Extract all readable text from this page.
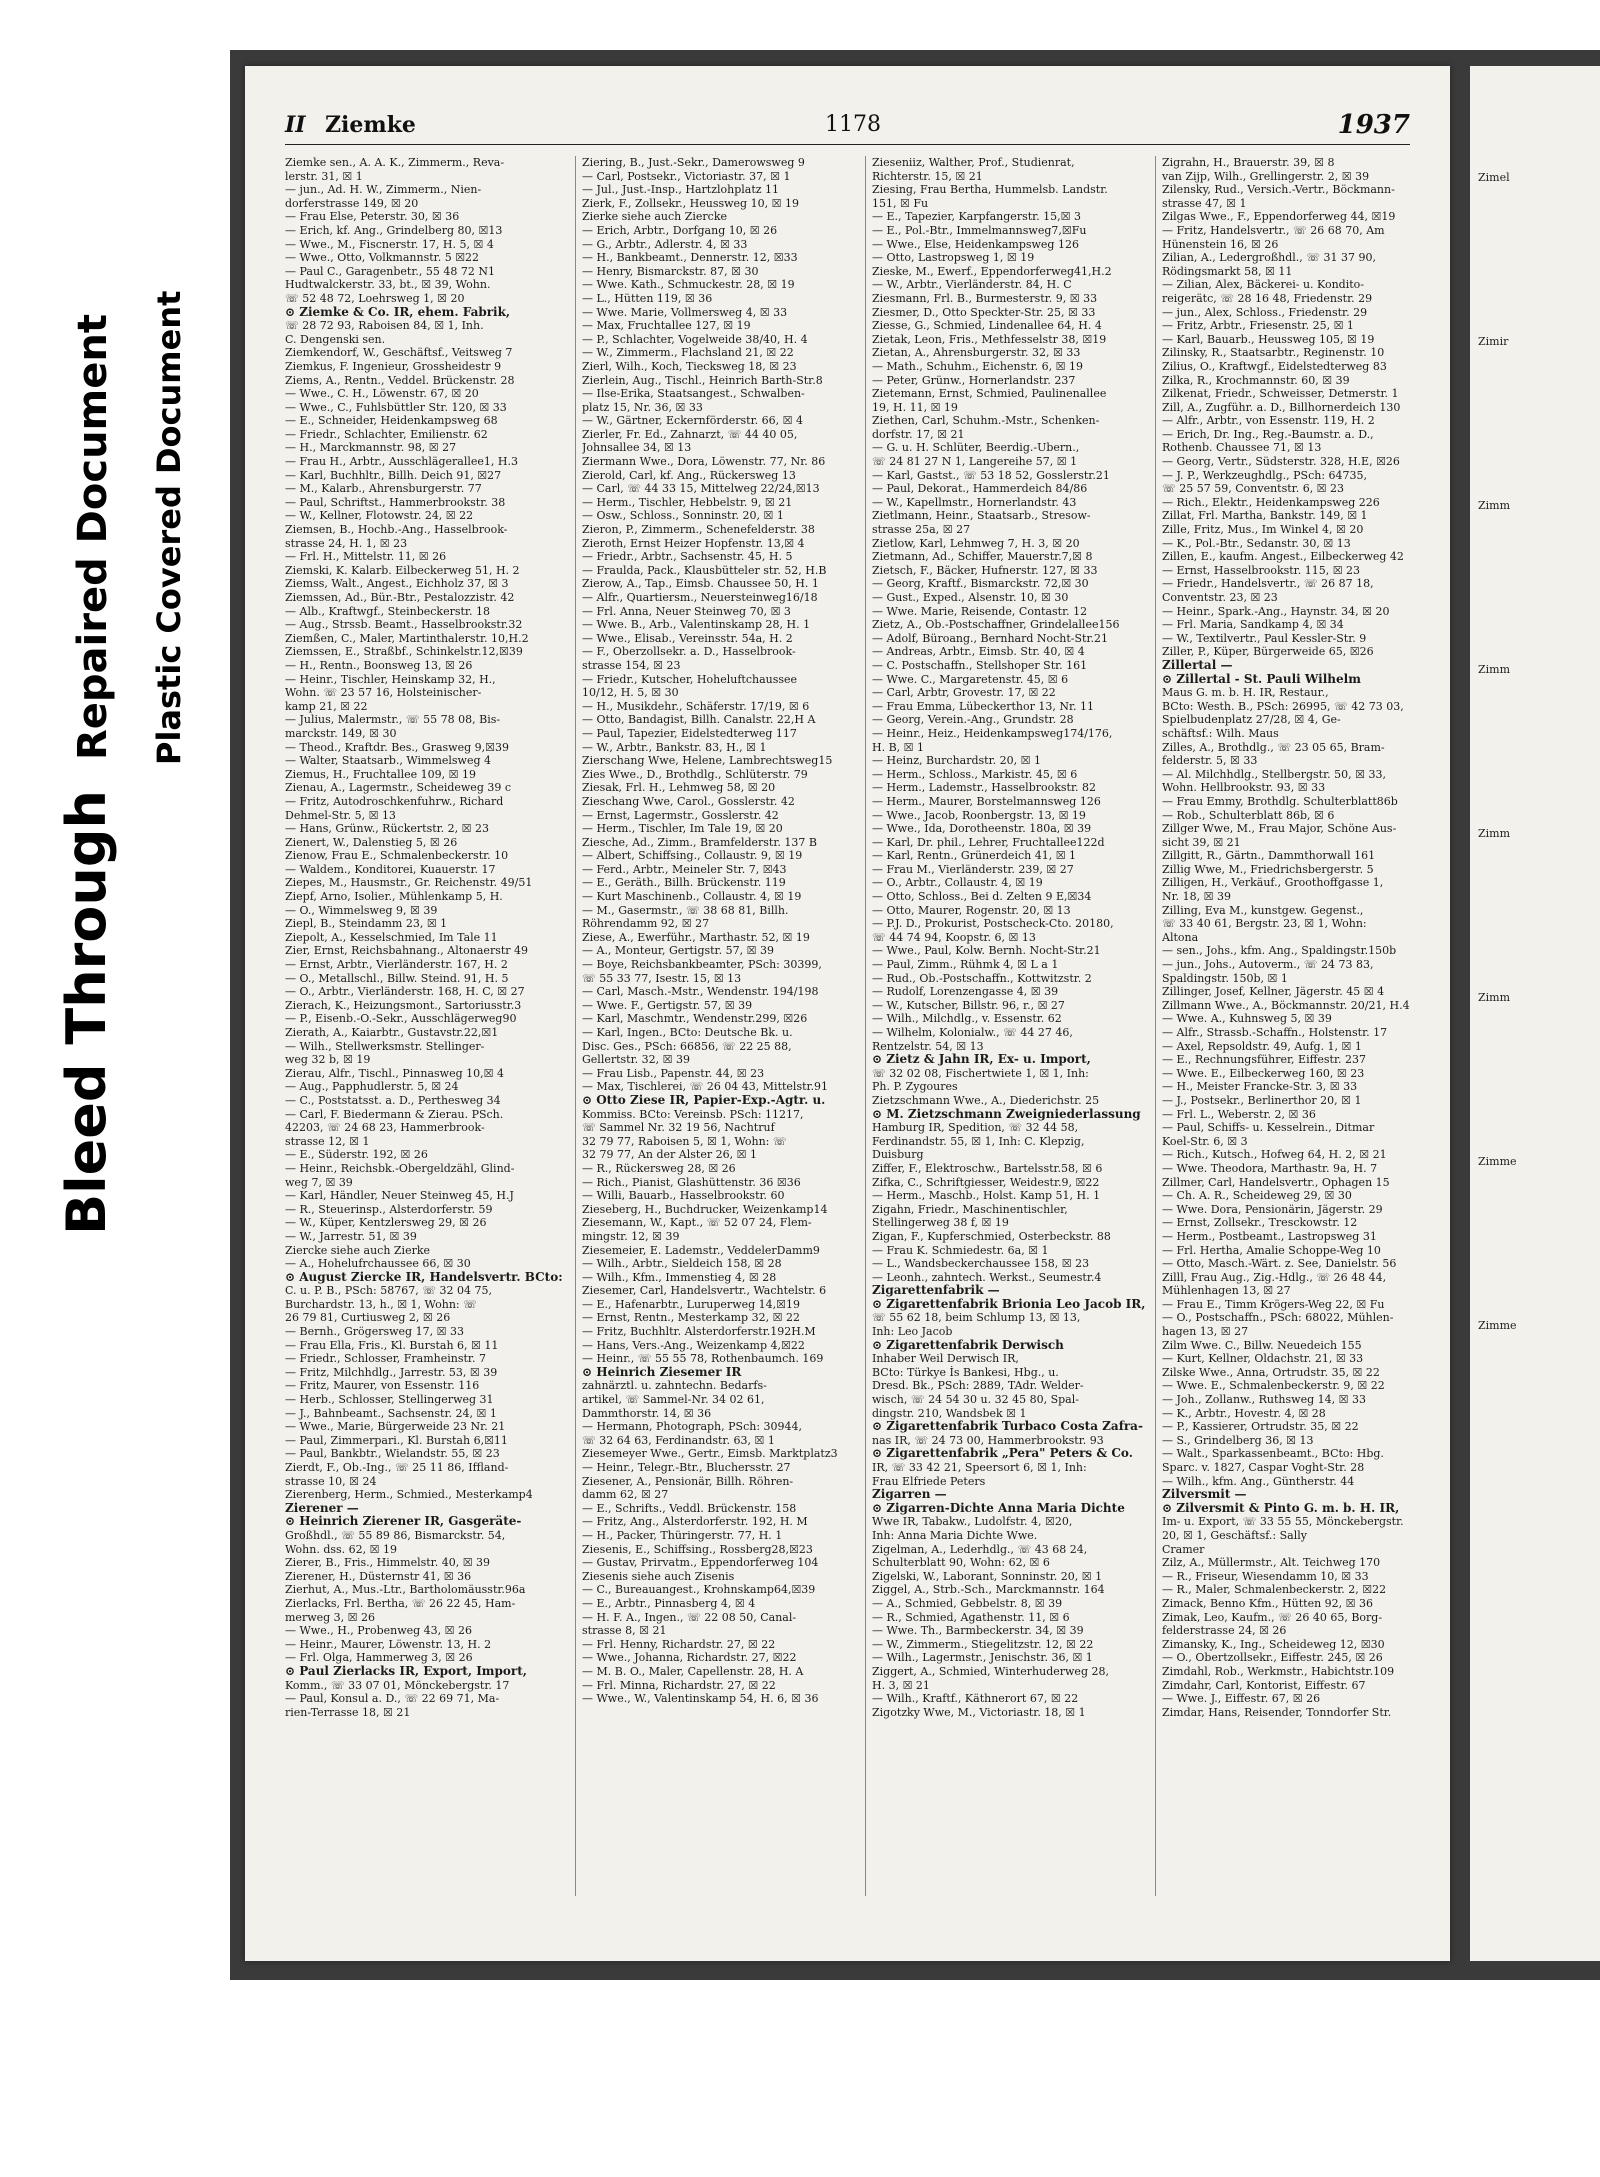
Bleed Through
Repaired Document Plastic Covered Document
II Ziemke	1178	1937
Ziemke sen., A. A. K., Zimmerm., Reva-
lerstr. 31, ☒ 1
— jun., Ad. H. W., Zimmerm., Nien-
dorferstrasse 149, ☒ 20
— Frau Else, Peterstr. 30, ☒ 36
— Erich, kf. Ang., Grindelberg 80, ☒13
— Wwe., M., Fiscnerstr. 17, H. 5, ☒ 4
— Wwe., Otto, Volkmannstr. 5 ☒22
— Paul C., Garagenbetr., 55 48 72 N1
Hudtwalckerstr. 33, bt., ☒ 39, Wohn.
☏ 52 48 72, Loehrsweg 1, ☒ 20
⊙ Ziemke & Co. IR, ehem. Fabrik,
☏ 28 72 93, Raboisen 84, ☒ 1, Inh.
C. Dengenski sen.
Ziemkendorf, W., Geschäftsf., Veitsweg 7
Ziemkus, F. Ingenieur, Grossheidestr 9
Ziems, A., Rentn., Veddel. Brückenstr. 28
— Wwe., C. H., Löwenstr. 67, ☒ 20
— Wwe., C., Fuhlsbüttler Str. 120, ☒ 33
— E., Schneider, Heidenkampsweg 68
— Friedr., Schlachter, Emilienstr. 62
— H., Marckmannstr. 98, ☒ 27
— Frau H., Arbtr., Ausschlägerallee1, H.3
— Karl, Buchhltr., Billh. Deich 91, ☒27
— M., Kalarb., Ahrensburgerstr. 77
— Paul, Schriftst., Hammerbrookstr. 38
— W., Kellner, Flotowstr. 24, ☒ 22
Ziemsen, B., Hochb.-Ang., Hasselbrook-
strasse 24, H. 1, ☒ 23
— Frl. H., Mittelstr. 11, ☒ 26
Ziemski, K. Kalarb. Eilbeckerweg 51, H. 2
Ziemss, Walt., Angest., Eichholz 37, ☒ 3
Ziemssen, Ad., Bür.-Btr., Pestalozzistr. 42
— Alb., Kraftwgf., Steinbeckerstr. 18
— Aug., Strssb. Beamt., Hasselbrookstr.32
Ziemßen, C., Maler, Martinthalerstr. 10,H.2
Ziemssen, E., Straßbf., Schinkelstr.12,☒39
— H., Rentn., Boonsweg 13, ☒ 26
— Heinr., Tischler, Heinskamp 32, H.,
Wohn. ☏ 23 57 16, Holsteinischer-
kamp 21, ☒ 22
— Julius, Malermstr., ☏ 55 78 08, Bis-
marckstr. 149, ☒ 30
— Theod., Kraftdr. Bes., Grasweg 9,☒39
— Walter, Staatsarb., Wimmelsweg 4
Ziemus, H., Fruchtallee 109, ☒ 19
Zienau, A., Lagermstr., Scheideweg 39 c
— Fritz, Autodroschkenfuhrw., Richard
Dehmel-Str. 5, ☒ 13
— Hans, Grünw., Rückertstr. 2, ☒ 23
Zienert, W., Dalenstieg 5, ☒ 26
Zienow, Frau E., Schmalenbeckerstr. 10
— Waldem., Konditorei, Kuauerstr. 17
Ziepes, M., Hausmstr., Gr. Reichenstr. 49/51
Ziepf, Arno, Isolier., Mühlenkamp 5, H.
— O., Wimmelsweg 9, ☒ 39
Ziepl, B., Steindamm 23, ☒ 1
Ziepolt, A., Kesselschmied, Im Tale 11
Zier, Ernst, Reichsbahnang., Altonaerstr 49
— Ernst, Arbtr., Vierländerstr. 167, H. 2
— O., Metallschl., Billw. Steind. 91, H. 5
— O., Arbtr., Vierländerstr. 168, H. C, ☒ 27
Zierach, K., Heizungsmont., Sartoriusstr.3
— P., Eisenb.-O.-Sekr., Ausschlägerweg90
Zierath, A., Kaiarbtr., Gustavstr.22,☒1
— Wilh., Stellwerksmstr. Stellinger-
weg 32 b, ☒ 19
Zierau, Alfr., Tischl., Pinnasweg 10,☒ 4
— Aug., Papphudlerstr. 5, ☒ 24
— C., Poststatsst. a. D., Perthesweg 34
— Carl, F. Biedermann & Zierau. PSch.
42203, ☏ 24 68 23, Hammerbrook-
strasse 12, ☒ 1
— E., Süderstr. 192, ☒ 26
— Heinr., Reichsbk.-Obergeldzähl, Glind-
weg 7, ☒ 39
— Karl, Händler, Neuer Steinweg 45, H.J
— R., Steuerinsp., Alsterdorferstr. 59
— W., Küper, Kentzlersweg 29, ☒ 26
— W., Jarrestr. 51, ☒ 39
Ziercke siehe auch Zierke
— A., Hohelufrchaussee 66, ☒ 30
⊙ August Ziercke IR, Handelsvertr. BCto:
C. u. P. B., PSch: 58767, ☏ 32 04 75,
Burchardstr. 13, h., ☒ 1, Wohn: ☏
26 79 81, Curtiusweg 2, ☒ 26
— Bernh., Grögersweg 17, ☒ 33
— Frau Ella, Fris., Kl. Burstah 6, ☒ 11
— Friedr., Schlosser, Framheinstr. 7
— Fritz, Milchhdlg., Jarrestr. 53, ☒ 39
— Fritz, Maurer, von Essenstr. 116
— Herb., Schlosser, Stellingerweg 31
— J., Bahnbeamt., Sachsenstr. 24, ☒ 1
— Wwe., Marie, Bürgerweide 23 Nr. 21
— Paul, Zimmerpari., Kl. Burstah 6,☒11
— Paul, Bankbtr., Wielandstr. 55, ☒ 23
Zierdt, F., Ob.-Ing., ☏ 25 11 86, Iffland-
strasse 10, ☒ 24
Zierenberg, Herm., Schmied., Mesterkamp4
Zierener —
⊙ Heinrich Zierener IR, Gasgeräte-
Großhdl., ☏ 55 89 86, Bismarckstr. 54,
Wohn. dss. 62, ☒ 19
Zierer, B., Fris., Himmelstr. 40, ☒ 39
Zierener, H., Düsternstr 41, ☒ 36
Zierhut, A., Mus.-Ltr., Bartholomäusstr.96a
Zierlacks, Frl. Bertha, ☏ 26 22 45, Ham-
merweg 3, ☒ 26
— Wwe., H., Probenweg 43, ☒ 26
— Heinr., Maurer, Löwenstr. 13, H. 2
— Frl. Olga, Hammerweg 3, ☒ 26
⊙ Paul Zierlacks IR, Export, Import,
Komm., ☏ 33 07 01, Mönckebergstr. 17
— Paul, Konsul a. D., ☏ 22 69 71, Ma-
rien-Terrasse 18, ☒ 21
Ziering, B., Just.-Sekr., Damerowsweg 9
— Carl, Postsekr., Victoriastr. 37, ☒ 1
— Jul., Just.-Insp., Hartzlohplatz 11
Zierk, F., Zollsekr., Heussweg 10, ☒ 19
Zierke siehe auch Ziercke
— Erich, Arbtr., Dorfgang 10, ☒ 26
— G., Arbtr., Adlerstr. 4, ☒ 33
— H., Bankbeamt., Dennerstr. 12, ☒33
— Henry, Bismarckstr. 87, ☒ 30
— Wwe. Kath., Schmuckestr. 28, ☒ 19
— L., Hütten 119, ☒ 36
— Wwe. Marie, Vollmersweg 4, ☒ 33
— Max, Fruchtallee 127, ☒ 19
— P., Schlachter, Vogelweide 38/40, H. 4
— W., Zimmerm., Flachsland 21, ☒ 22
Zierl, Wilh., Koch, Tiecksweg 18, ☒ 23
Zierlein, Aug., Tischl., Heinrich Barth-Str.8
— Ilse-Erika, Staatsangest., Schwalben-
platz 15, Nr. 36, ☒ 33
— W., Gärtner, Eckernförderstr. 66, ☒ 4
Zierler, Fr. Ed., Zahnarzt, ☏ 44 40 05,
Johnsallee 34, ☒ 13
Ziermann Wwe., Dora, Löwenstr. 77, Nr. 86
Zierold, Carl, kf. Ang., Rückersweg 13
— Carl, ☏ 44 33 15, Mittelweg 22/24,☒13
— Herm., Tischler, Hebbelstr. 9, ☒ 21
— Osw., Schloss., Sonninstr. 20, ☒ 1
Zieron, P., Zimmerm., Schenefelderstr. 38
Zieroth, Ernst Heizer Hopfenstr. 13,☒ 4
— Friedr., Arbtr., Sachsenstr. 45, H. 5
— Fraulda, Pack., Klausbütteler str. 52, H.B
Zierow, A., Tap., Eimsb. Chaussee 50, H. 1
— Alfr., Quartiersm., Neuersteinweg16/18
— Frl. Anna, Neuer Steinweg 70, ☒ 3
— Wwe. B., Arb., Valentinskamp 28, H. 1
— Wwe., Elisab., Vereinsstr. 54a, H. 2
— F., Oberzollsekr. a. D., Hasselbrook-
strasse 154, ☒ 23
— Friedr., Kutscher, Hoheluftchaussee
10/12, H. 5, ☒ 30
— H., Musikdehr., Schäferstr. 17/19, ☒ 6
— Otto, Bandagist, Billh. Canalstr. 22,H A
— Paul, Tapezier, Eidelstedterweg 117
— W., Arbtr., Bankstr. 83, H., ☒ 1
Zierschang Wwe, Helene, Lambrechtsweg15
Zies Wwe., D., Brothdlg., Schlüterstr. 79
Ziesak, Frl. H., Lehmweg 58, ☒ 20
Zieschang Wwe, Carol., Gosslerstr. 42
— Ernst, Lagermstr., Gosslerstr. 42
— Herm., Tischler, Im Tale 19, ☒ 20
Ziesche, Ad., Zimm., Bramfelderstr. 137 B
— Albert, Schiffsing., Collaustr. 9, ☒ 19
— Ferd., Arbtr., Meineler Str. 7, ☒43
— E., Geräth., Billh. Brückenstr. 119
— Kurt Maschinenb., Collaustr. 4, ☒ 19
— M., Gasermstr., ☏ 38 68 81, Billh.
Röhrendamm 92, ☒ 27
Ziese, A., Ewerführ., Marthastr. 52, ☒ 19
— A., Monteur, Gertigstr. 57, ☒ 39
— Boye, Reichsbankbeamter, PSch: 30399,
☏ 55 33 77, Isestr. 15, ☒ 13
— Carl, Masch.-Mstr., Wendenstr. 194/198
— Wwe. F., Gertigstr. 57, ☒ 39
— Karl, Maschmtr., Wendenstr.299, ☒26
— Karl, Ingen., BCto: Deutsche Bk. u.
Disc. Ges., PSch: 66856, ☏ 22 25 88,
Gellertstr. 32, ☒ 39
— Frau Lisb., Papenstr. 44, ☒ 23
— Max, Tischlerei, ☏ 26 04 43, Mittelstr.91
⊙ Otto Ziese IR, Papier-Exp.-Agtr. u.
Kommiss. BCto: Vereinsb. PSch: 11217,
☏ Sammel Nr. 32 19 56, Nachtruf
32 79 77, Raboisen 5, ☒ 1, Wohn: ☏
32 79 77, An der Alster 26, ☒ 1
— R., Rückersweg 28, ☒ 26
— Rich., Pianist, Glashüttenstr. 36 ☒36
— Willi, Bauarb., Hasselbrookstr. 60
Zieseberg, H., Buchdrucker, Weizenkamp14
Ziesemann, W., Kapt., ☏ 52 07 24, Flem-
mingstr. 12, ☒ 39
Ziesemeier, E. Lademstr., VeddelerDamm9
— Wilh., Arbtr., Sieldeich 158, ☒ 28
— Wilh., Kfm., Immenstieg 4, ☒ 28
Ziesemer, Carl, Handelsvertr., Wachtelstr. 6
— E., Hafenarbtr., Luruperweg 14,☒19
— Ernst, Rentn., Mesterkamp 32, ☒ 22
— Fritz, Buchhltr. Alsterdorferstr.192H.M
— Hans, Vers.-Ang., Weizenkamp 4,☒22
— Heinr., ☏ 55 55 78, Rothenbaumch. 169
⊙ Heinrich Ziesemer IR
zahnärztl. u. zahntechn. Bedarfs-
artikel, ☏ Sammel-Nr. 34 02 61,
Dammthorstr. 14, ☒ 36
— Hermann, Photograph, PSch: 30944,
☏ 32 64 63, Ferdinandstr. 63, ☒ 1
Ziesemeyer Wwe., Gertr., Eimsb. Marktplatz3
— Heinr., Telegr.-Btr., Bluchersstr. 27
Ziesener, A., Pensionär, Billh. Röhren-
damm 62, ☒ 27
— E., Schrifts., Veddl. Brückenstr. 158
— Fritz, Ang., Alsterdorferstr. 192, H. M
— H., Packer, Thüringerstr. 77, H. 1
Ziesenis, E., Schiffsing., Rossberg28,☒23
— Gustav, Prirvatm., Eppendorferweg 104
Ziesenis siehe auch Zisenis
— C., Bureauangest., Krohnskamp64,☒39
— E., Arbtr., Pinnasberg 4, ☒ 4
— H. F. A., Ingen., ☏ 22 08 50, Canal-
strasse 8, ☒ 21
— Frl. Henny, Richardstr. 27, ☒ 22
— Wwe., Johanna, Richardstr. 27, ☒22
— M. B. O., Maler, Capellenstr. 28, H. A
— Frl. Minna, Richardstr. 27, ☒ 22
— Wwe., W., Valentinskamp 54, H. 6, ☒ 36
Zieseniiz, Walther, Prof., Studienrat,
Richterstr. 15, ☒ 21
Ziesing, Frau Bertha, Hummelsb. Landstr.
151, ☒ Fu
— E., Tapezier, Karpfangerstr. 15,☒ 3
— E., Pol.-Btr., Immelmannsweg7,☒Fu
— Wwe., Else, Heidenkampsweg 126
— Otto, Lastropsweg 1, ☒ 19
Zieske, M., Ewerf., Eppendorferweg41,H.2
— W., Arbtr., Vierländerstr. 84, H. C
Ziesmann, Frl. B., Burmesterstr. 9, ☒ 33
Ziesmer, D., Otto Speckter-Str. 25, ☒ 33
Ziesse, G., Schmied, Lindenallee 64, H. 4
Zietak, Leon, Fris., Methfesselstr 38, ☒19
Zietan, A., Ahrensburgerstr. 32, ☒ 33
— Math., Schuhm., Eichenstr. 6, ☒ 19
— Peter, Grünw., Hornerlandstr. 237
Zietemann, Ernst, Schmied, Paulinenallee
19, H. 11, ☒ 19
Ziethen, Carl, Schuhm.-Mstr., Schenken-
dorfstr. 17, ☒ 21
— G. u. H. Schlüter, Beerdig.-Ubern.,
☏ 24 81 27 N 1, Langereihe 57, ☒ 1
— Karl, Gastst., ☏ 53 18 52, Gosslerstr.21
— Paul, Dekorat., Hammerdeich 84/86
— W., Kapellmstr., Hornerlandstr. 43
Zietlmann, Heinr., Staatsarb., Stresow-
strasse 25a, ☒ 27
Zietlow, Karl, Lehmweg 7, H. 3, ☒ 20
Zietmann, Ad., Schiffer, Mauerstr.7,☒ 8
Zietsch, F., Bäcker, Hufnerstr. 127, ☒ 33
— Georg, Kraftf., Bismarckstr. 72,☒ 30
— Gust., Exped., Alsenstr. 10, ☒ 30
— Wwe. Marie, Reisende, Contastr. 12
Zietz, A., Ob.-Postschaffner, Grindelallee156
— Adolf, Büroang., Bernhard Nocht-Str.21
— Andreas, Arbtr., Eimsb. Str. 40, ☒ 4
— C. Postschaffn., Stellshoper Str. 161
— Wwe. C., Margaretenstr. 45, ☒ 6
— Carl, Arbtr, Grovestr. 17, ☒ 22
— Frau Emma, Lübeckerthor 13, Nr. 11
— Georg, Verein.-Ang., Grundstr. 28
— Heinr., Heiz., Heidenkampsweg174/176,
H. B, ☒ 1
— Heinz, Burchardstr. 20, ☒ 1
— Herm., Schloss., Markistr. 45, ☒ 6
— Herm., Lademstr., Hasselbrookstr. 82
— Herm., Maurer, Borstelmannsweg 126
— Wwe., Jacob, Roonbergstr. 13, ☒ 19
— Wwe., Ida, Dorotheenstr. 180a, ☒ 39
— Karl, Dr. phil., Lehrer, Fruchtallee122d
— Karl, Rentn., Grünerdeich 41, ☒ 1
— Frau M., Vierländerstr. 239, ☒ 27
— O., Arbtr., Collaustr. 4, ☒ 19
— Otto, Schloss., Bei d. Zelten 9 E,☒34
— Otto, Maurer, Rogenstr. 20, ☒ 13
— P.J. D., Prokurist, Postscheck-Cto. 20180,
☏ 44 74 94, Koopstr. 6, ☒ 13
— Wwe., Paul, Kolw. Bernh. Nocht-Str.21
— Paul, Zimm., Rühmk 4, ☒ L a 1
— Rud., Ob.-Postschaffn., Kottwitzstr. 2
— Rudolf, Lorenzengasse 4, ☒ 39
— W., Kutscher, Billstr. 96, r., ☒ 27
— Wilh., Milchdlg., v. Essenstr. 62
— Wilhelm, Kolonialw., ☏ 44 27 46,
Rentzelstr. 54, ☒ 13
⊙ Zietz & Jahn IR, Ex- u. Import,
☏ 32 02 08, Fischertwiete 1, ☒ 1, Inh:
Ph. P. Zygoures
Zietzschmann Wwe., A., Diederichstr. 25
⊙ M. Zietzschmann Zweigniederlassung
Hamburg IR, Spedition, ☏ 32 44 58,
Ferdinandstr. 55, ☒ 1, Inh: C. Klepzig,
Duisburg
Ziffer, F., Elektroschw., Bartelsstr.58, ☒ 6
Zifka, C., Schriftgiesser, Weidestr.9, ☒22
— Herm., Maschb., Holst. Kamp 51, H. 1
Zigahn, Friedr., Maschinentischler,
Stellingerweg 38 f, ☒ 19
Zigan, F., Kupferschmied, Osterbeckstr. 88
— Frau K. Schmiedestr. 6a, ☒ 1
— L., Wandsbeckerchaussee 158, ☒ 23
— Leonh., zahntech. Werkst., Seumestr.4
Zigarettenfabrik —
⊙ Zigarettenfabrik Brionia Leo Jacob IR,
☏ 55 62 18, beim Schlump 13, ☒ 13,
Inh: Leo Jacob
⊙ Zigarettenfabrik Derwisch
Inhaber Weil Derwisch IR,
BCto: Türkye İs Bankesi, Hbg., u.
Dresd. Bk., PSch: 2889, TAdr. Welder-
wisch, ☏ 24 54 30 u. 32 45 80, Spal-
dingstr. 210, Wandsbek ☒ 1
⊙ Zigarettenfabrik Turbaco Costa Zafra-
nas IR, ☏ 24 73 00, Hammerbrookstr. 93
⊙ Zigarettenfabrik „Pera" Peters & Co.
IR, ☏ 33 42 21, Speersort 6, ☒ 1, Inh:
Frau Elfriede Peters
Zigarren —
⊙ Zigarren-Dichte Anna Maria Dichte
Wwe IR, Tabakw., Ludolfstr. 4, ☒20,
Inh: Anna Maria Dichte Wwe.
Zigelman, A., Lederhdlg., ☏ 43 68 24,
Schulterblatt 90, Wohn: 62, ☒ 6
Zigelski, W., Laborant, Sonninstr. 20, ☒ 1
Ziggel, A., Strb.-Sch., Marckmannstr. 164
— A., Schmied, Gebbelstr. 8, ☒ 39
— R., Schmied, Agathenstr. 11, ☒ 6
— Wwe. Th., Barmbeckerstr. 34, ☒ 39
— W., Zimmerm., Stiegelitzstr. 12, ☒ 22
— Wilh., Lagermstr., Jenischstr. 36, ☒ 1
Ziggert, A., Schmied, Winterhuderweg 28,
H. 3, ☒ 21
— Wilh., Kraftf., Käthnerort 67, ☒ 22
Zigotzky Wwe, M., Victoriastr. 18, ☒ 1
Zigrahn, H., Brauerstr. 39, ☒ 8
van Zijp, Wilh., Grellingerstr. 2, ☒ 39
Zilensky, Rud., Versich.-Vertr., Böckmann-
strasse 47, ☒ 1
Zilgas Wwe., F., Eppendorferweg 44, ☒19
— Fritz, Handelsvertr., ☏ 26 68 70, Am
Hünenstein 16, ☒ 26
Zilian, A., Ledergroßhdl., ☏ 31 37 90,
Rödingsmarkt 58, ☒ 11
— Zilian, Alex, Bäckerei- u. Kondito-
reigerätc, ☏ 28 16 48, Friedenstr. 29
— jun., Alex, Schloss., Friedenstr. 29
— Fritz, Arbtr., Friesenstr. 25, ☒ 1
— Karl, Bauarb., Heussweg 105, ☒ 19
Zilinsky, R., Staatsarbtr., Reginenstr. 10
Zilius, O., Kraftwgf., Eidelstedterweg 83
Zilka, R., Krochmannstr. 60, ☒ 39
Zilkenat, Friedr., Schweisser, Detmerstr. 1
Zill, A., Zugführ. a. D., Billhornerdeich 130
— Alfr., Arbtr., von Essenstr. 119, H. 2
— Erich, Dr. Ing., Reg.-Baumstr. a. D.,
Rothenb. Chaussee 71, ☒ 13
— Georg, Vertr., Südsterstr. 328, H.E, ☒26
— J. P., Werkzeughdlg., PSch: 64735,
☏ 25 57 59, Conventstr. 6, ☒ 23
— Rich., Elektr., Heidenkampsweg 226
Zillat, Frl. Martha, Bankstr. 149, ☒ 1
Zille, Fritz, Mus., Im Winkel 4, ☒ 20
— K., Pol.-Btr., Sedanstr. 30, ☒ 13
Zillen, E., kaufm. Angest., Eilbeckerweg 42
— Ernst, Hasselbrookstr. 115, ☒ 23
— Friedr., Handelsvertr., ☏ 26 87 18,
Conventstr. 23, ☒ 23
— Heinr., Spark.-Ang., Haynstr. 34, ☒ 20
— Frl. Maria, Sandkamp 4, ☒ 34
— W., Textilvertr., Paul Kessler-Str. 9
Ziller, P., Küper, Bürgerweide 65, ☒26
Zillertal —
⊙ Zillertal - St. Pauli Wilhelm
Maus G. m. b. H. IR, Restaur.,
BCto: Westh. B., PSch: 26995, ☏ 42 73 03,
Spielbudenplatz 27/28, ☒ 4, Ge-
schäftsf.: Wilh. Maus
Zilles, A., Brothdlg., ☏ 23 05 65, Bram-
felderstr. 5, ☒ 33
— Al. Milchhdlg., Stellbergstr. 50, ☒ 33,
Wohn. Hellbrookstr. 93, ☒ 33
— Frau Emmy, Brothdlg. Schulterblatt86b
— Rob., Schulterblatt 86b, ☒ 6
Zillger Wwe, M., Frau Major, Schöne Aus-
sicht 39, ☒ 21
Zillgitt, R., Gärtn., Dammthorwall 161
Zillig Wwe, M., Friedrichsbergerstr. 5
Zilligen, H., Verkäuf., Groothoffgasse 1,
Nr. 18, ☒ 39
Zilling, Eva M., kunstgew. Gegenst.,
☏ 33 40 61, Bergstr. 23, ☒ 1, Wohn:
Altona
— sen., Johs., kfm. Ang., Spaldingstr.150b
— jun., Johs., Autoverm., ☏ 24 73 83,
Spaldingstr. 150b, ☒ 1
Zillinger, Josef, Kellner, Jägerstr. 45 ☒ 4
Zillmann Wwe., A., Böckmannstr. 20/21, H.4
— Wwe. A., Kuhnsweg 5, ☒ 39
— Alfr., Strassb.-Schaffn., Holstenstr. 17
— Axel, Repsoldstr. 49, Aufg. 1, ☒ 1
— E., Rechnungsführer, Eiffestr. 237
— Wwe. E., Eilbeckerweg 160, ☒ 23
— H., Meister Francke-Str. 3, ☒ 33
— J., Postsekr., Berlinerthor 20, ☒ 1
— Frl. L., Weberstr. 2, ☒ 36
— Paul, Schiffs- u. Kesselrein., Ditmar
Koel-Str. 6, ☒ 3
— Rich., Kutsch., Hofweg 64, H. 2, ☒ 21
— Wwe. Theodora, Marthastr. 9a, H. 7
Zillmer, Carl, Handelsvertr., Ophagen 15
— Ch. A. R., Scheideweg 29, ☒ 30
— Wwe. Dora, Pensionärin, Jägerstr. 29
— Ernst, Zollsekr., Tresckowstr. 12
— Herm., Postbeamt., Lastropsweg 31
— Frl. Hertha, Amalie Schoppe-Weg 10
— Otto, Masch.-Wärt. z. See, Danielstr. 56
Zilll, Frau Aug., Zig.-Hdlg., ☏ 26 48 44,
Mühlenhagen 13, ☒ 27
— Frau E., Timm Krögers-Weg 22, ☒ Fu
— O., Postschaffn., PSch: 68022, Mühlen-
hagen 13, ☒ 27
Zilm Wwe. C., Billw. Neuedeich 155
— Kurt, Kellner, Oldachstr. 21, ☒ 33
Zilske Wwe., Anna, Ortrudstr. 35, ☒ 22
— Wwe. E., Schmalenbeckerstr. 9, ☒ 22
— Joh., Zollanw., Ruthsweg 14, ☒ 33
— K., Arbtr., Hovestr. 4, ☒ 28
— P., Kassierer, Ortrudstr. 35, ☒ 22
— S., Grindelberg 36, ☒ 13
— Walt., Sparkassenbeamt., BCto: Hbg.
Sparc. v. 1827, Caspar Voght-Str. 28
— Wilh., kfm. Ang., Güntherstr. 44
Zilversmit —
⊙ Zilversmit & Pinto G. m. b. H. IR,
Im- u. Export, ☏ 33 55 55, Mönckebergstr.
20, ☒ 1, Geschäftsf.: Sally
Cramer
Zilz, A., Müllermstr., Alt. Teichweg 170
— R., Friseur, Wiesendamm 10, ☒ 33
— R., Maler, Schmalenbeckerstr. 2, ☒22
Zimack, Benno Kfm., Hütten 92, ☒ 36
Zimak, Leo, Kaufm., ☏ 26 40 65, Borg-
felderstrasse 24, ☒ 26
Zimansky, K., Ing., Scheideweg 12, ☒30
— O., Obertzollsekr., Eiffestr. 245, ☒ 26
Zimdahl, Rob., Werkmstr., Habichtstr.109
Zimdahr, Carl, Kontorist, Eiffestr. 67
— Wwe. J., Eiffestr. 67, ☒ 26
Zimdar, Hans, Reisender, Tonndorfer Str.
Zimel
Zimir
Zimm
Zimm
Zimm
Zimm
Zimme
Zimme
